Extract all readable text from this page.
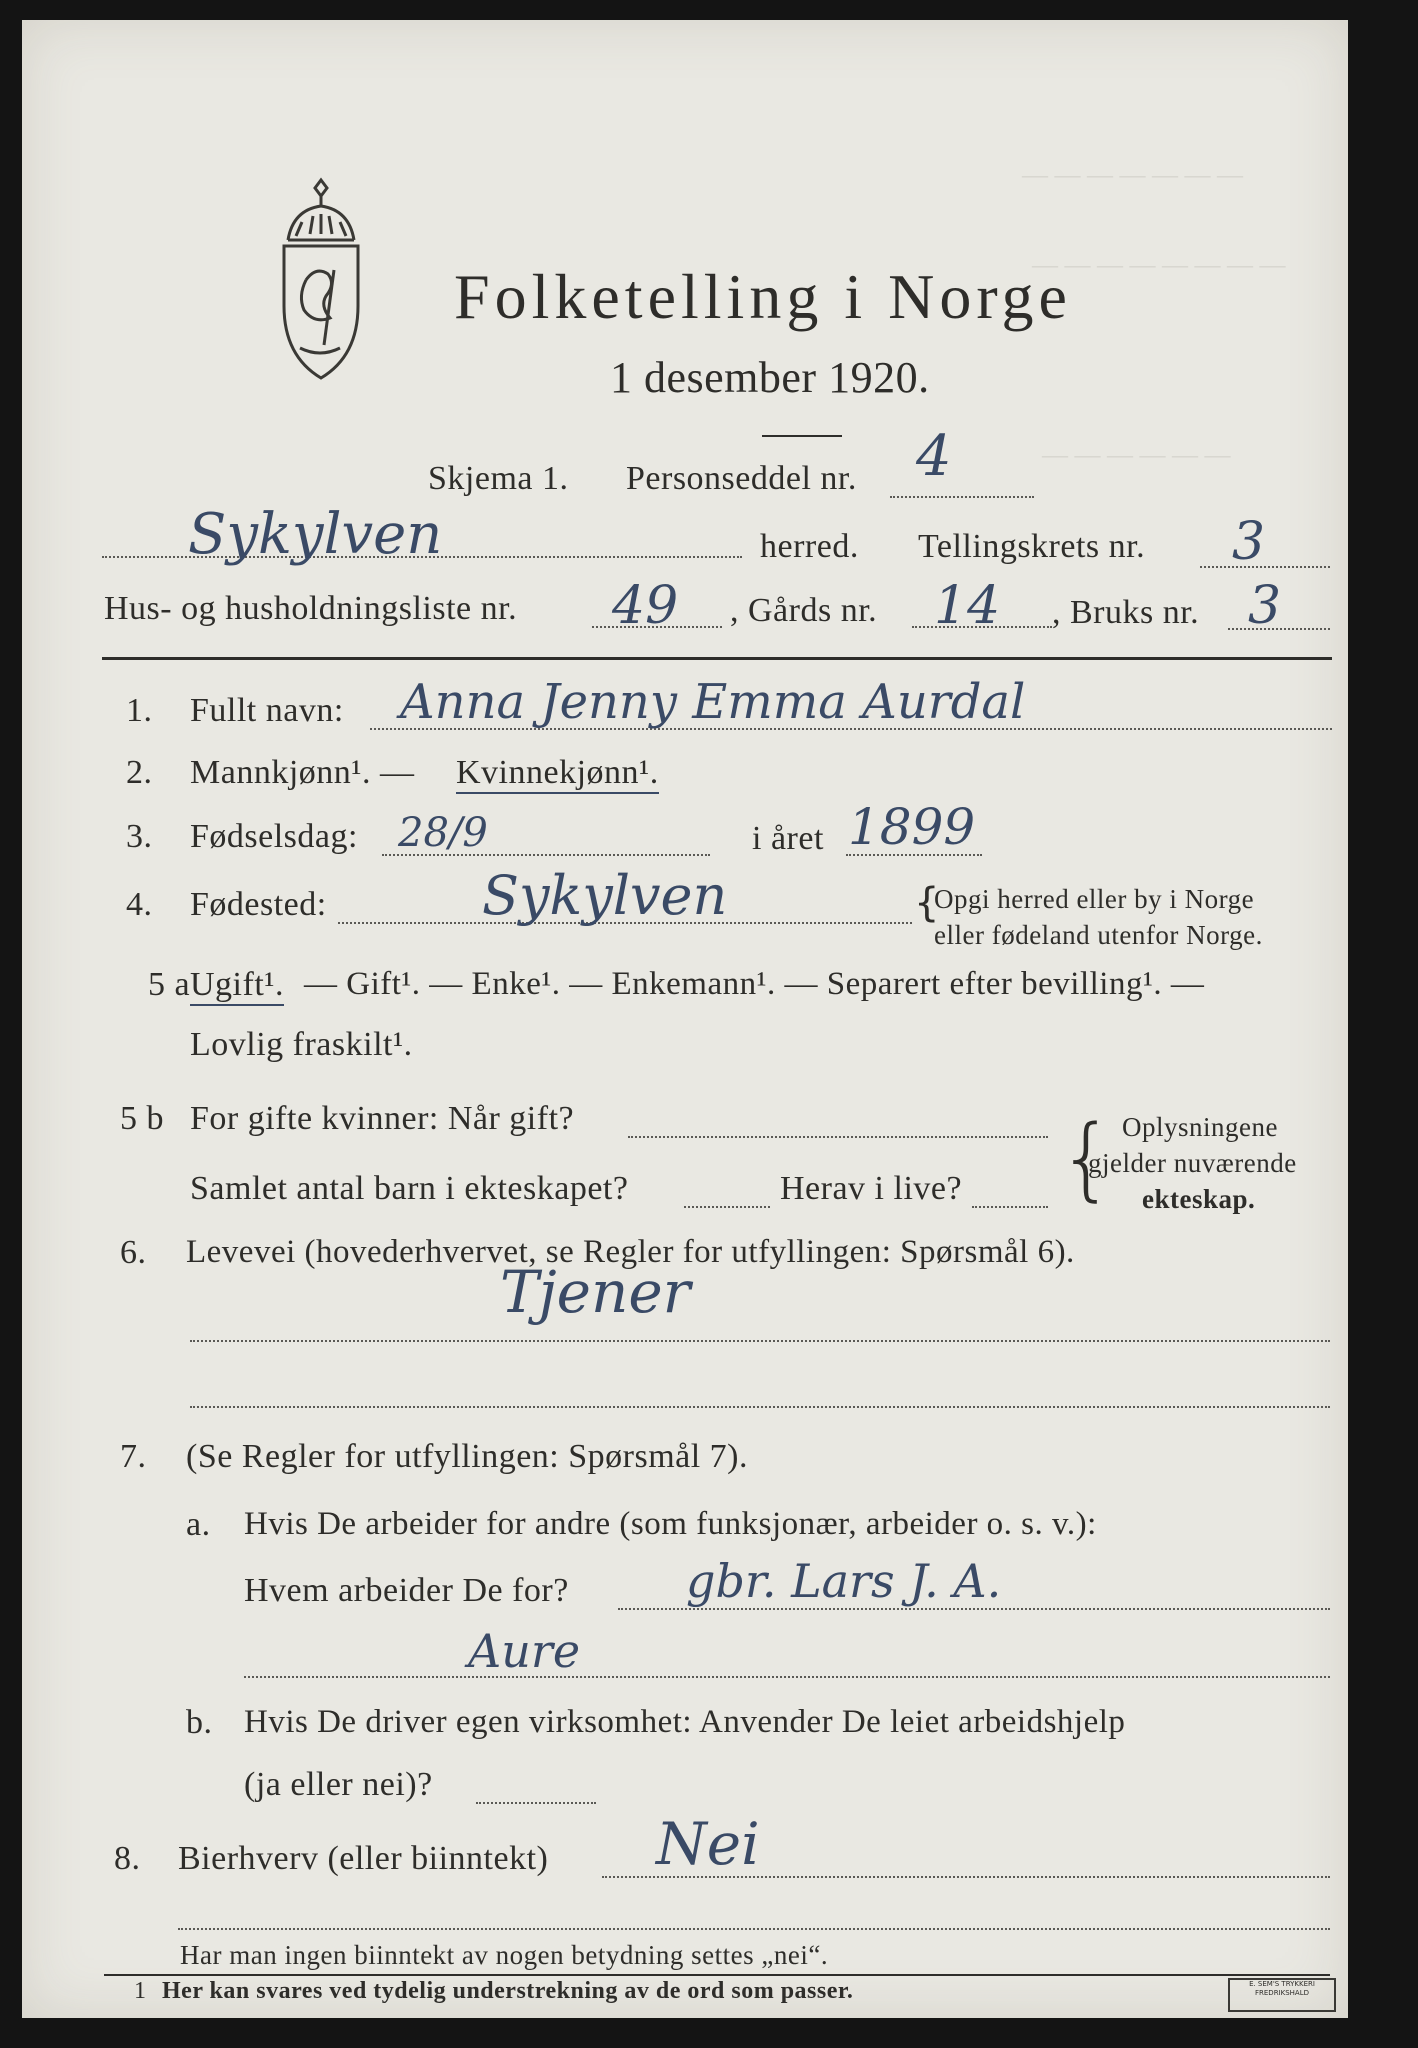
— — — — — — —
— — — — — — — —
— — — — — —
Folketelling i Norge
1 desember 1920.
Skjema 1. Personseddel nr. 4
Sykylven	herred. Tellingskrets nr. 3
Hus- og husholdningsliste nr. 49 , Gårds nr. 14 , Bruks nr. 3
1. Fullt navn: Anna Jenny Emma Aurdal
2. Mannkjønn¹. — Kvinnekjønn¹.
3. Fødselsdag: 28/9	i året 1899
4. Fødested:	Sykylven	{
Opgi herred eller by i Norge
eller fødeland utenfor Norge.
5 a Ugift¹. — Gift¹. — Enke¹. — Enkemann¹. — Separert efter bevilling¹. —
Lovlig fraskilt¹.
5 b For gifte kvinner: Når gift?
Samlet antal barn i ekteskapet?	Herav i live? { Oplysningene
gjelder nuværende
ekteskap.
6. Levevei (hovederhvervet, se Regler for utfyllingen: Spørsmål 6).
Tjener
7. (Se Regler for utfyllingen: Spørsmål 7).
a. Hvis De arbeider for andre (som funksjonær, arbeider o. s. v.):
Hvem arbeider De for?	gbr. Lars J. A.
Aure
b. Hvis De driver egen virksomhet: Anvender De leiet arbeidshjelp
(ja eller nei)?
8. Bierhverv (eller biinntekt) Nei
Har man ingen biinntekt av nogen betydning settes „nei“.
1 Her kan svares ved tydelig understrekning av de ord som passer.	E. SEM'S TRYKKERI FREDRIKSHALD
